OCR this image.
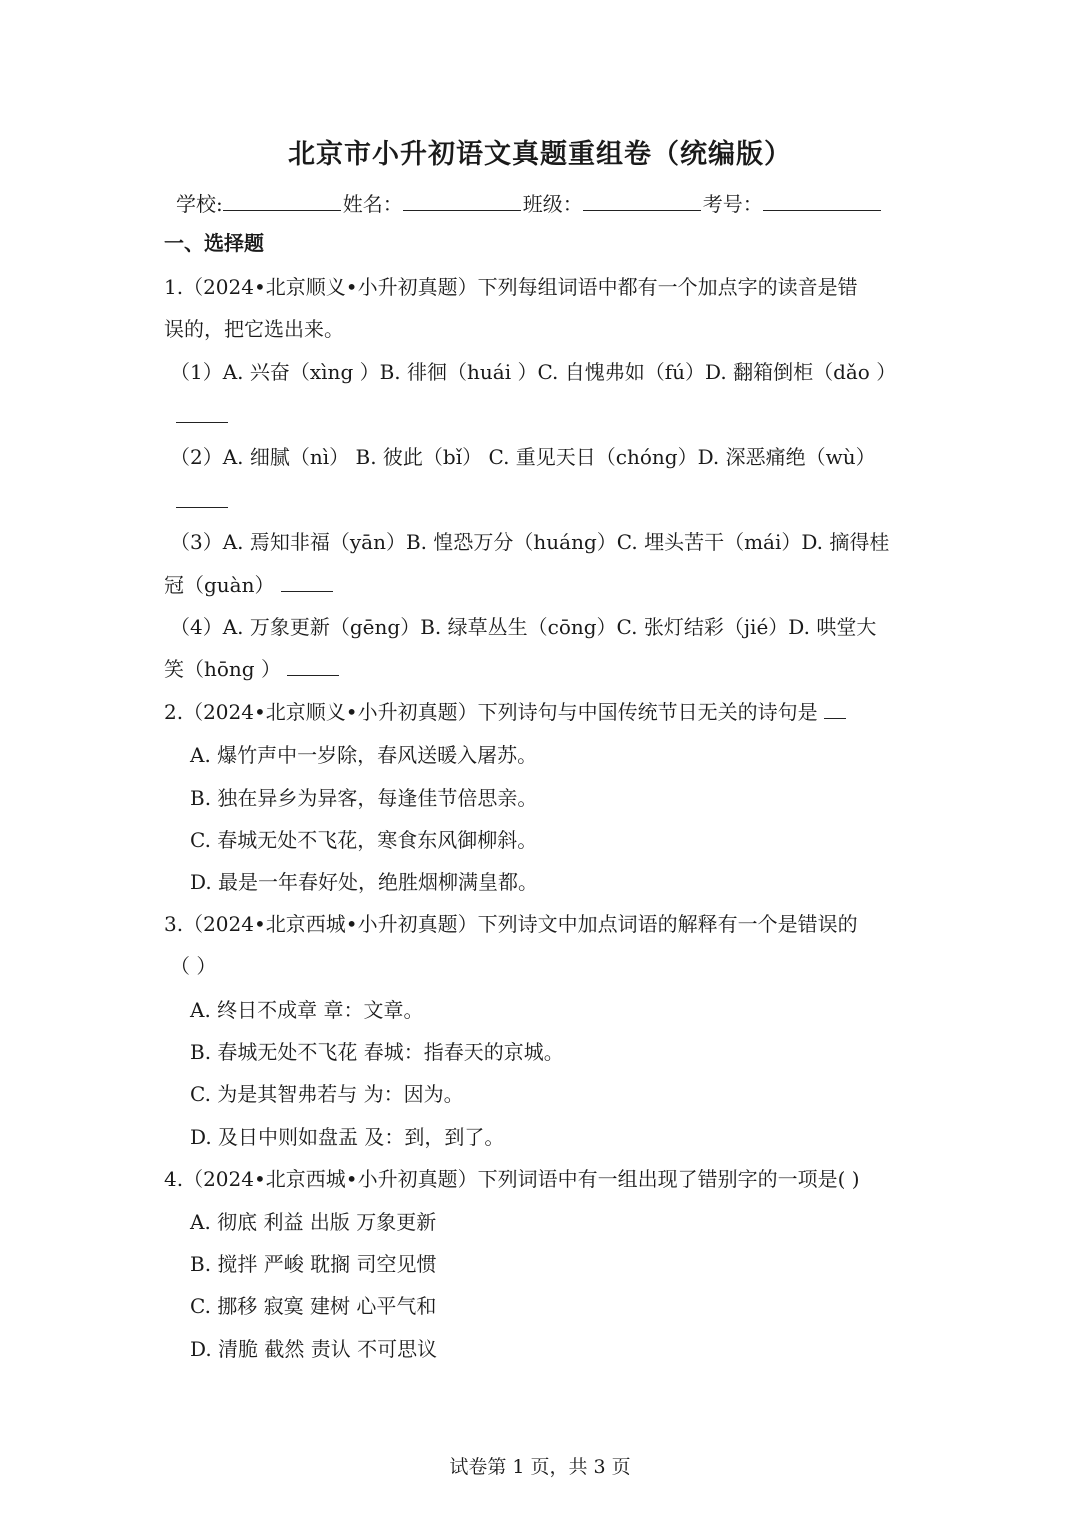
北京市小升初语文真题重组卷（统编版）
学校:	姓名：	班级：	考号：
一、选择题
1.（2024•北京顺义•小升初真题）下列每组词语中都有一个加点字的读音是错
误的，把它选出来。
（1）A. 兴奋（xìng ）B. 徘徊（huái ）C. 自愧弗如（fú）D. 翻箱倒柜（dǎo ）
（2）A. 细腻（nì） B. 彼此（bǐ） C. 重见天日（chóng）D. 深恶痛绝（wù）
（3）A. 焉知非福（yān）B. 惶恐万分（huáng）C. 埋头苦干（mái）D. 摘得桂
冠（guàn）
（4）A. 万象更新（gēng）B. 绿草丛生（cōng）C. 张灯结彩（jié）D. 哄堂大
笑（hōng ）
2.（2024•北京顺义•小升初真题）下列诗句与中国传统节日无关的诗句是
A. 爆竹声中一岁除，春风送暖入屠苏。
B. 独在异乡为异客，每逢佳节倍思亲。
C. 春城无处不飞花，寒食东风御柳斜。
D. 最是一年春好处，绝胜烟柳满皇都。
3.（2024•北京西城•小升初真题）下列诗文中加点词语的解释有一个是错误的
（ ）
A. 终日不成章 章：文章。
B. 春城无处不飞花 春城：指春天的京城。
C. 为是其智弗若与 为：因为。
D. 及日中则如盘盂 及：到，到了。
4.（2024•北京西城•小升初真题）下列词语中有一组出现了错别字的一项是( )
A. 彻底 利益 出版 万象更新
B. 搅拌 严峻 耽搁 司空见惯
C. 挪移 寂寞 建树 心平气和
D. 清脆 截然 责认 不可思议
试卷第 1 页，共 3 页
